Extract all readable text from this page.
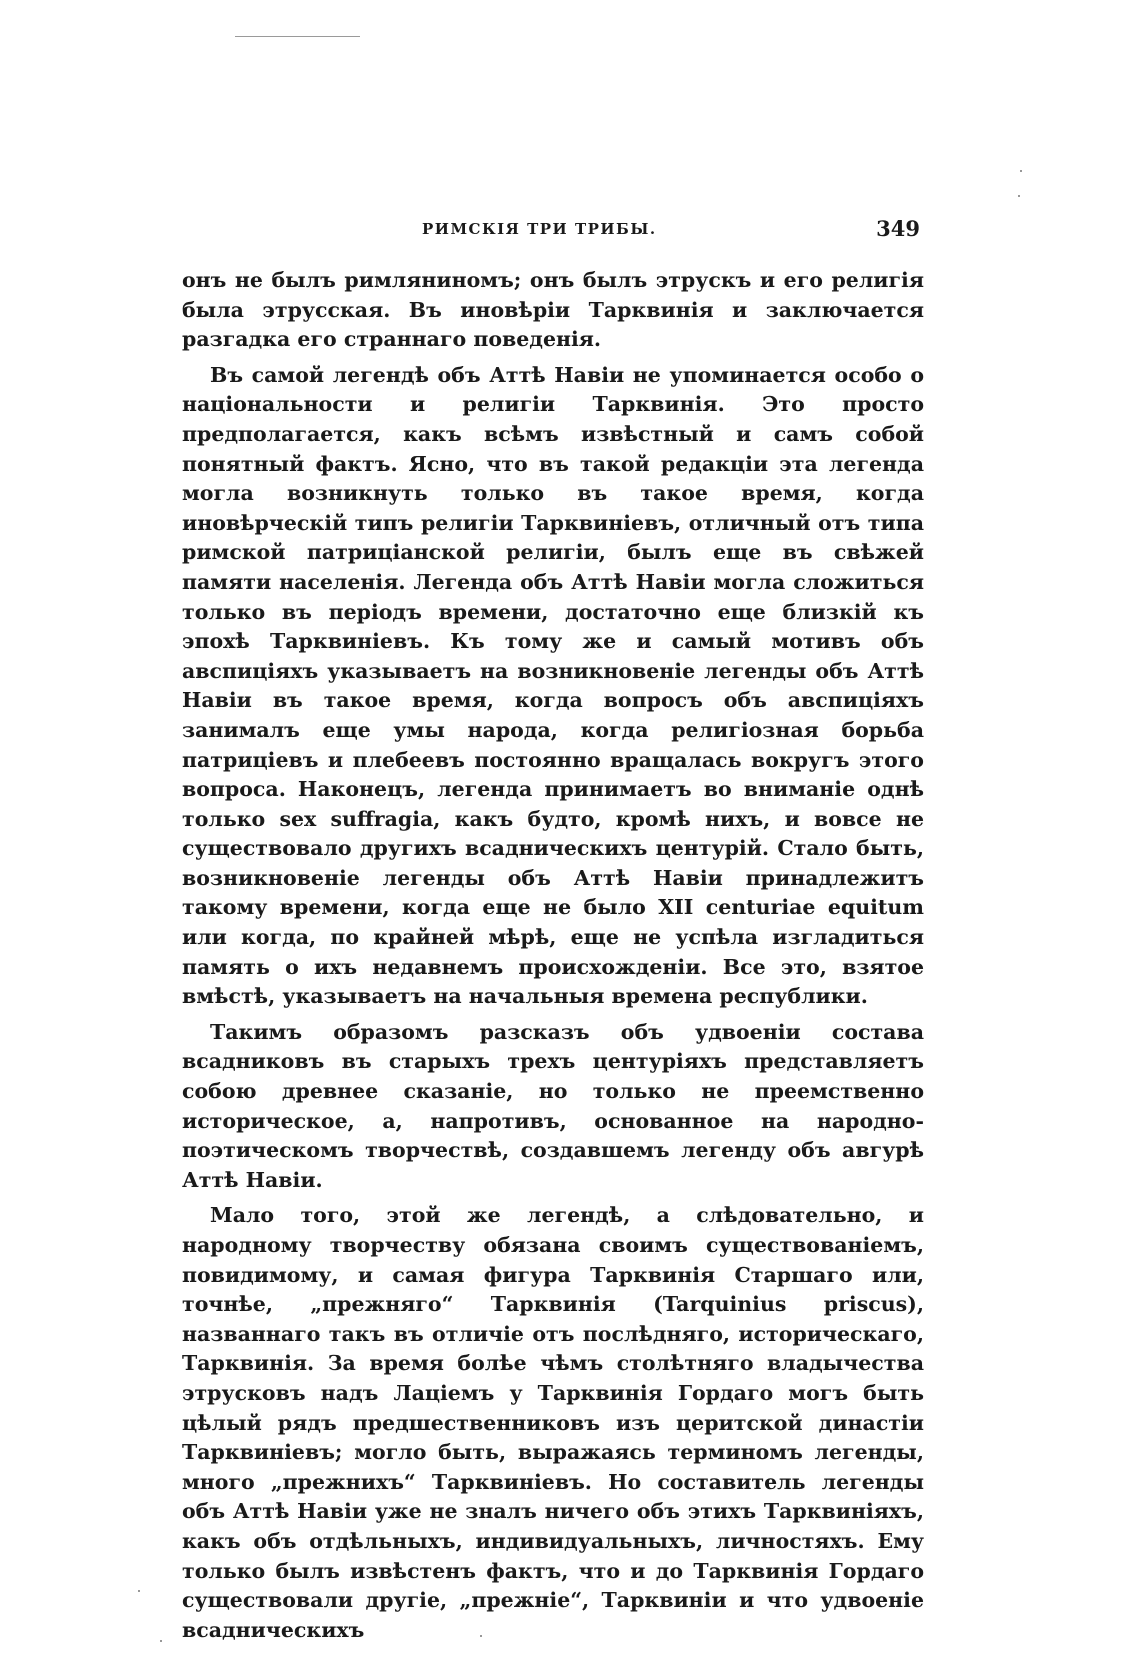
РИМСКIЯ ТРИ ТРИБЫ.	349

онъ не былъ римляниномъ; онъ былъ этрускъ и его религiя была этрусская. Въ иновѣрiи Тарквинiя и заключается разгадка его страннаго поведенiя.

Въ самой легендѣ объ Аттѣ Навiи не упоминается особо о нацiональности и религiи Тарквинiя. Это просто предполагается, какъ всѣмъ извѣстный и самъ собой понятный фактъ. Ясно, что въ такой редакцiи эта легенда могла возникнуть только въ такое время, когда иновѣрческiй типъ религiи Тарквиніевъ, отличный отъ типа римской патрицiанской религiи, былъ еще въ свѣжей памяти населенiя. Легенда объ Аттѣ Навiи могла сложиться только въ перiодъ времени, достаточно еще близкiй къ эпохѣ Тарквиніевъ. Къ тому же и самый мотивъ объ авспицiяхъ указываетъ на возникновенiе легенды объ Аттѣ Навiи въ такое время, когда вопросъ объ авспицiяхъ занималъ еще умы народа, когда религiозная борьба патрицiевъ и плебеевъ постоянно вращалась вокругъ этого вопроса. Наконецъ, легенда принимаетъ во вниманiе однѣ только sex suffragia, какъ будто, кромѣ нихъ, и вовсе не существовало другихъ всадническихъ центурiй. Стало быть, возникновенiе легенды объ Аттѣ Навiи принадлежитъ такому времени, когда еще не было XII centuriae equitum или когда, по крайней мѣрѣ, еще не успѣла изгладиться память о ихъ недавнемъ происхожденiи. Все это, взятое вмѣстѣ, указываетъ на начальныя времена республики.

Такимъ образомъ разсказъ объ удвоенiи состава всадниковъ въ старыхъ трехъ центурiяхъ представляетъ собою древнее сказанiе, но только не преемственно историческое, а, напротивъ, основанное на народно-поэтическомъ творчествѣ, создавшемъ легенду объ авгурѣ Аттѣ Навiи.

Мало того, этой же легендѣ, а слѣдовательно, и народному творчеству обязана своимъ существованiемъ, повидимому, и самая фигура Тарквинiя Старшаго или, точнѣе, „прежняго“ Тарквинiя (Tarquinius priscus), названнаго такъ въ отличiе отъ послѣдняго, историческаго, Тарквинiя. За время болѣе чѣмъ столѣтняго владычества этрусковъ надъ Лацiемъ у Тарквинiя Гордаго могъ быть цѣлый рядъ предшественниковъ изъ церитской династiи Тарквиніевъ; могло быть, выражаясь терминомъ легенды, много „прежнихъ“ Тарквиніевъ. Но составитель легенды объ Аттѣ Навiи уже не зналъ ничего объ этихъ Тарквинiяхъ, какъ объ отдѣльныхъ, индивидуальныхъ, личностяхъ. Ему только былъ извѣстенъ фактъ, что и до Тарквинiя Гордаго существовали другiе, „прежнiе“, Тарквинiи и что удвоенiе всадническихъ
